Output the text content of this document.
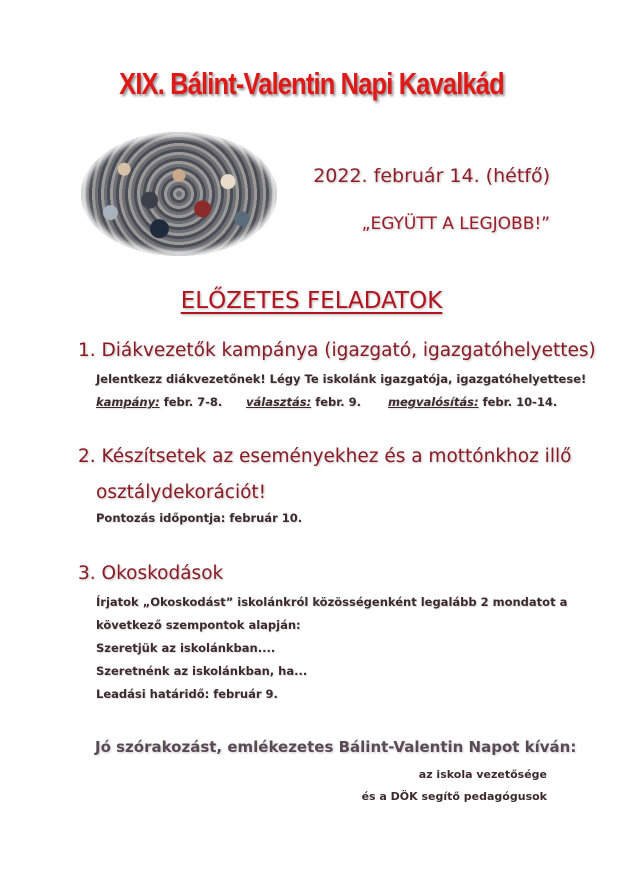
XIX. Bálint-Valentin Napi Kavalkád
2022. február 14. (hétfő)
„EGYÜTT A LEGJOBB!”
ELŐZETES FELADATOK
1. Diákvezetők kampánya (igazgató, igazgatóhelyettes)
Jelentkezz diákvezetőnek! Légy Te iskolánk igazgatója, igazgatóhelyettese!
kampány: febr. 7-8. választás: febr. 9. megvalósítás: febr. 10-14.
2. Készítsetek az eseményekhez és a mottónkhoz illő
osztálydekorációt!
Pontozás időpontja: február 10.
3. Okoskodások
Írjatok „Okoskodást” iskolánkról közösségenként legalább 2 mondatot a
következő szempontok alapján:
Szeretjük az iskolánkban....
Szeretnénk az iskolánkban, ha...
Leadási határidő: február 9.
Jó szórakozást, emlékezetes Bálint-Valentin Napot kíván:
az iskola vezetősége
és a DÖK segítő pedagógusok
